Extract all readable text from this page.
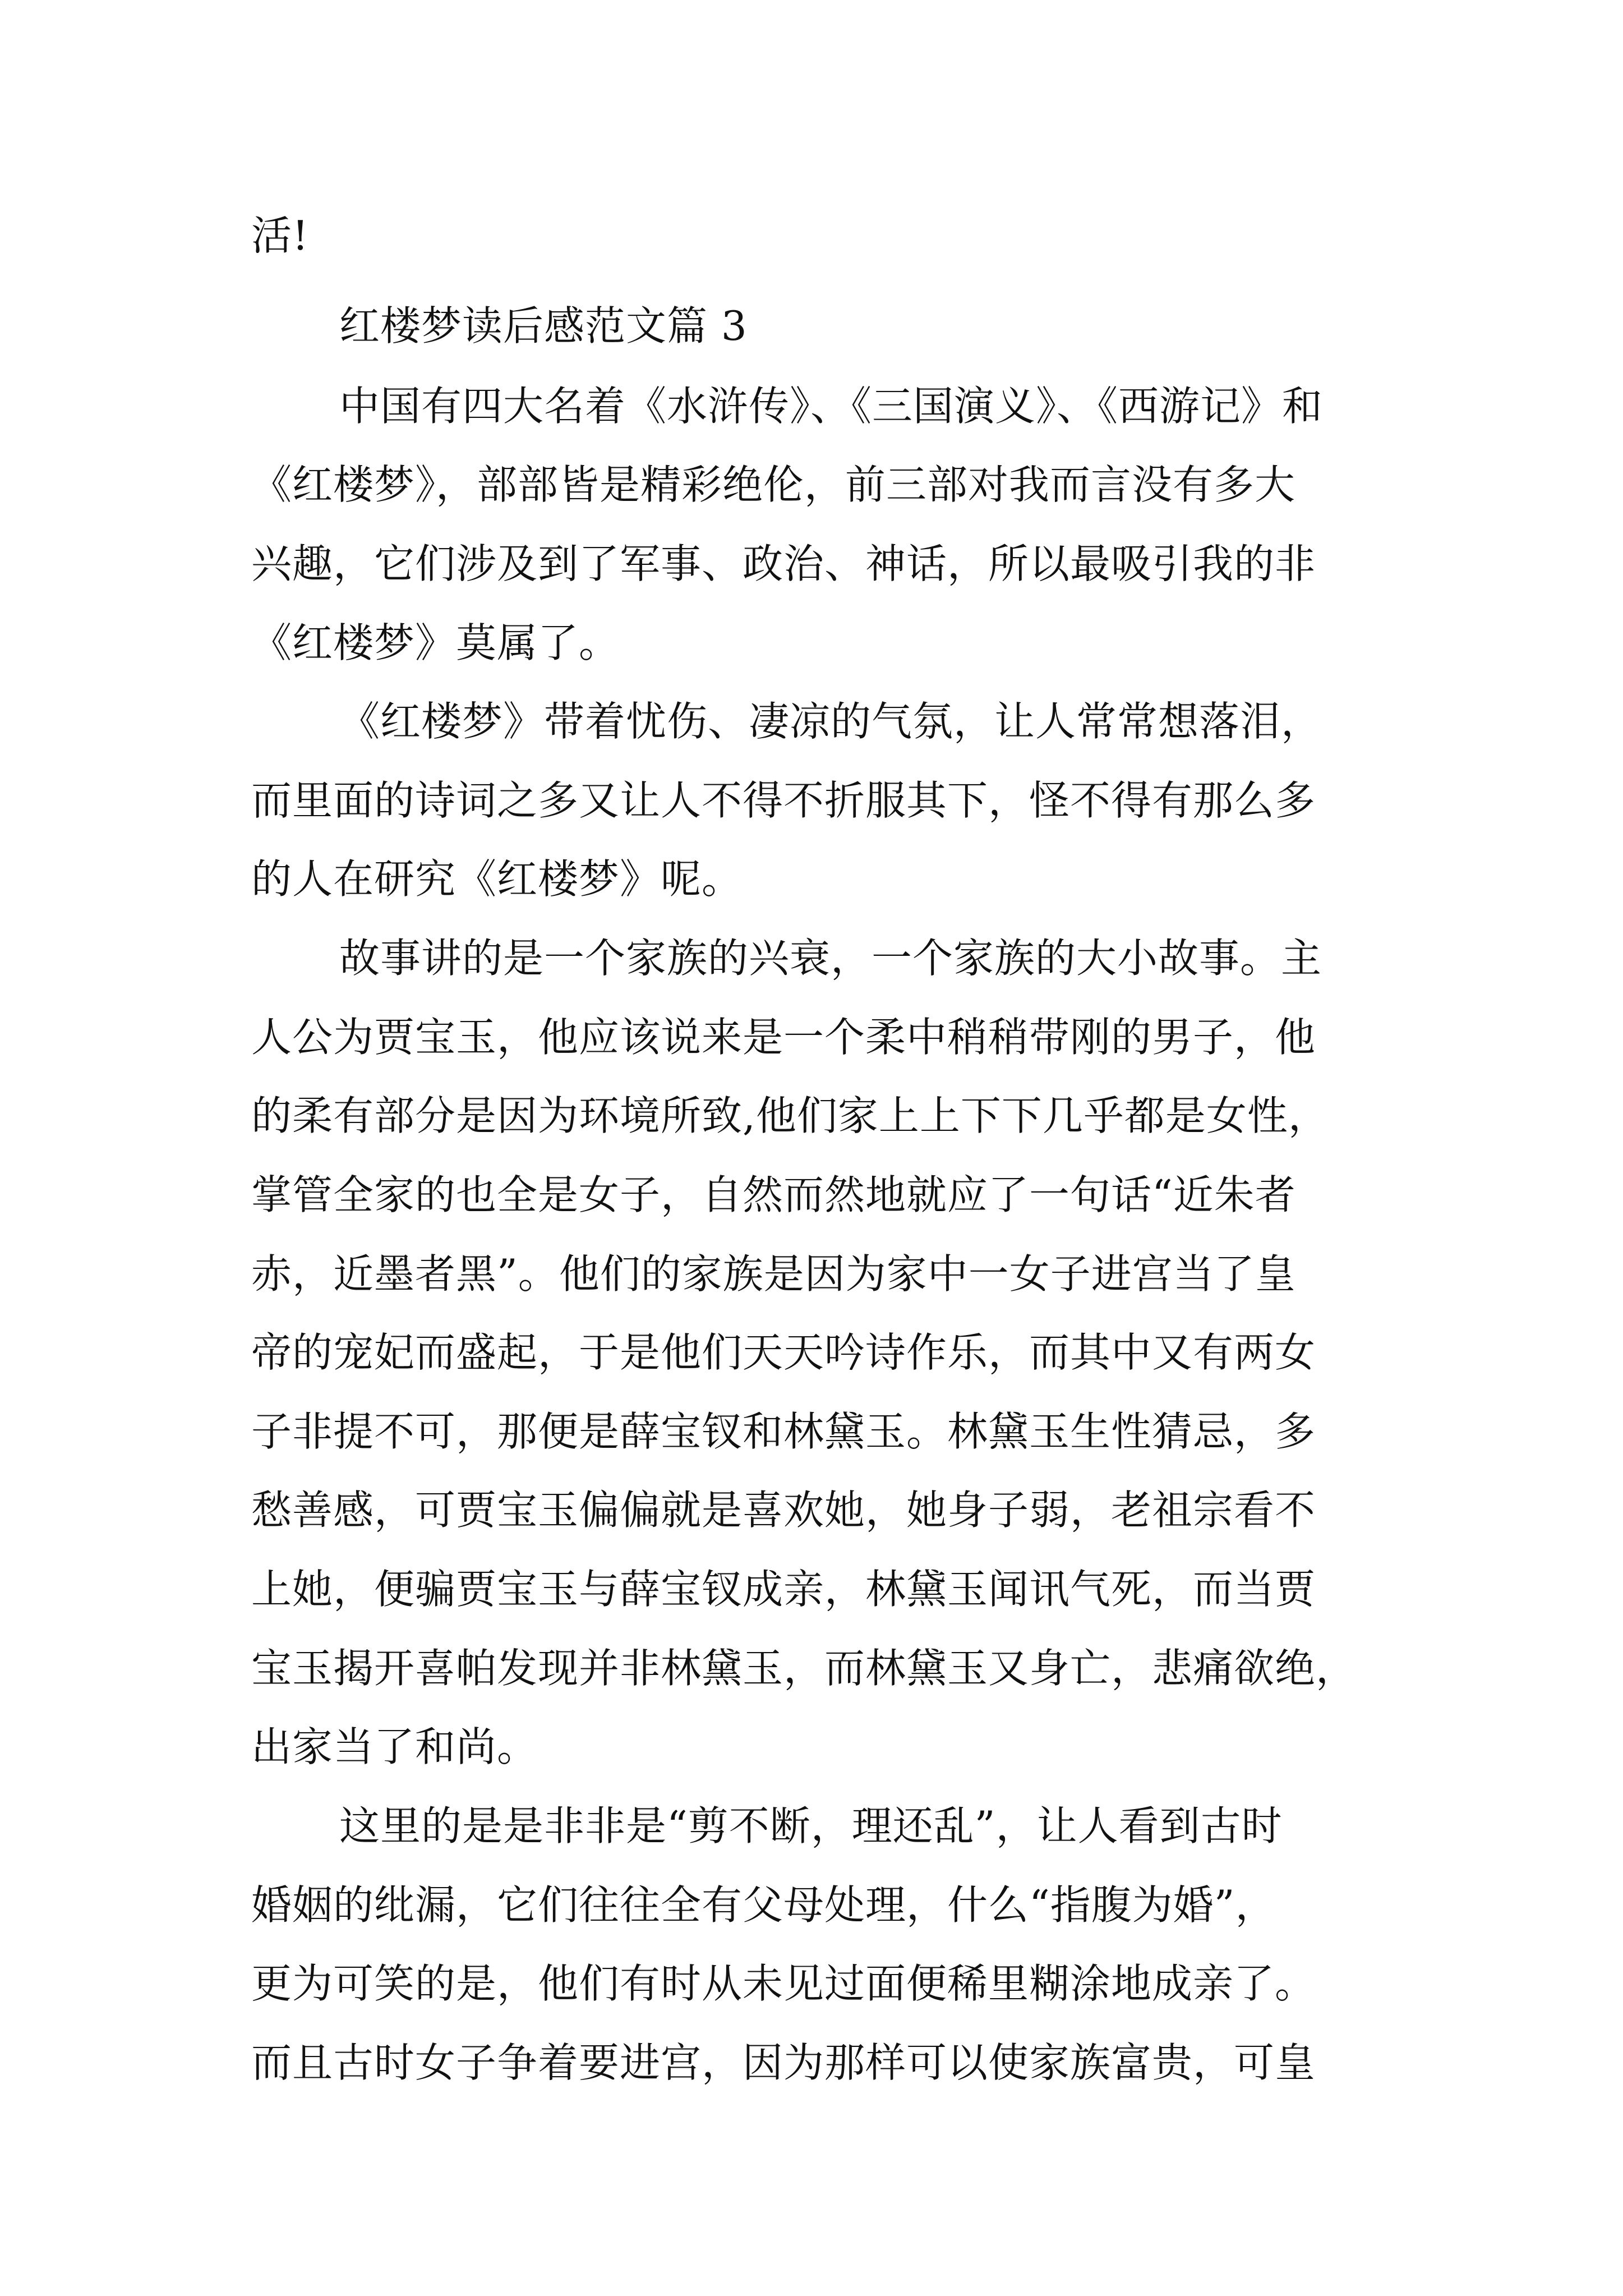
活!
红楼梦读后感范文篇 3
中国有四大名着《水浒传》、《三国演义》、《西游记》和
《红楼梦》，部部皆是精彩绝伦，前三部对我而言没有多大
兴趣，它们涉及到了军事、政治、神话，所以最吸引我的非
《红楼梦》莫属了。
《红楼梦》带着忧伤、凄凉的气氛，让人常常想落泪，
而里面的诗词之多又让人不得不折服其下，怪不得有那么多
的人在研究《红楼梦》呢。
故事讲的是一个家族的兴衰，一个家族的大小故事。主
人公为贾宝玉，他应该说来是一个柔中稍稍带刚的男子，他
的柔有部分是因为环境所致,他们家上上下下几乎都是女性，
掌管全家的也全是女子，自然而然地就应了一句话“近朱者
赤，近墨者黑”。他们的家族是因为家中一女子进宫当了皇
帝的宠妃而盛起，于是他们天天吟诗作乐，而其中又有两女
子非提不可，那便是薛宝钗和林黛玉。林黛玉生性猜忌，多
愁善感，可贾宝玉偏偏就是喜欢她，她身子弱，老祖宗看不
上她，便骗贾宝玉与薛宝钗成亲，林黛玉闻讯气死，而当贾
宝玉揭开喜帕发现并非林黛玉，而林黛玉又身亡，悲痛欲绝，
出家当了和尚。
这里的是是非非是“剪不断，理还乱”，让人看到古时
婚姻的纰漏，它们往往全有父母处理，什么“指腹为婚”，
更为可笑的是，他们有时从未见过面便稀里糊涂地成亲了。
而且古时女子争着要进宫，因为那样可以使家族富贵，可皇
